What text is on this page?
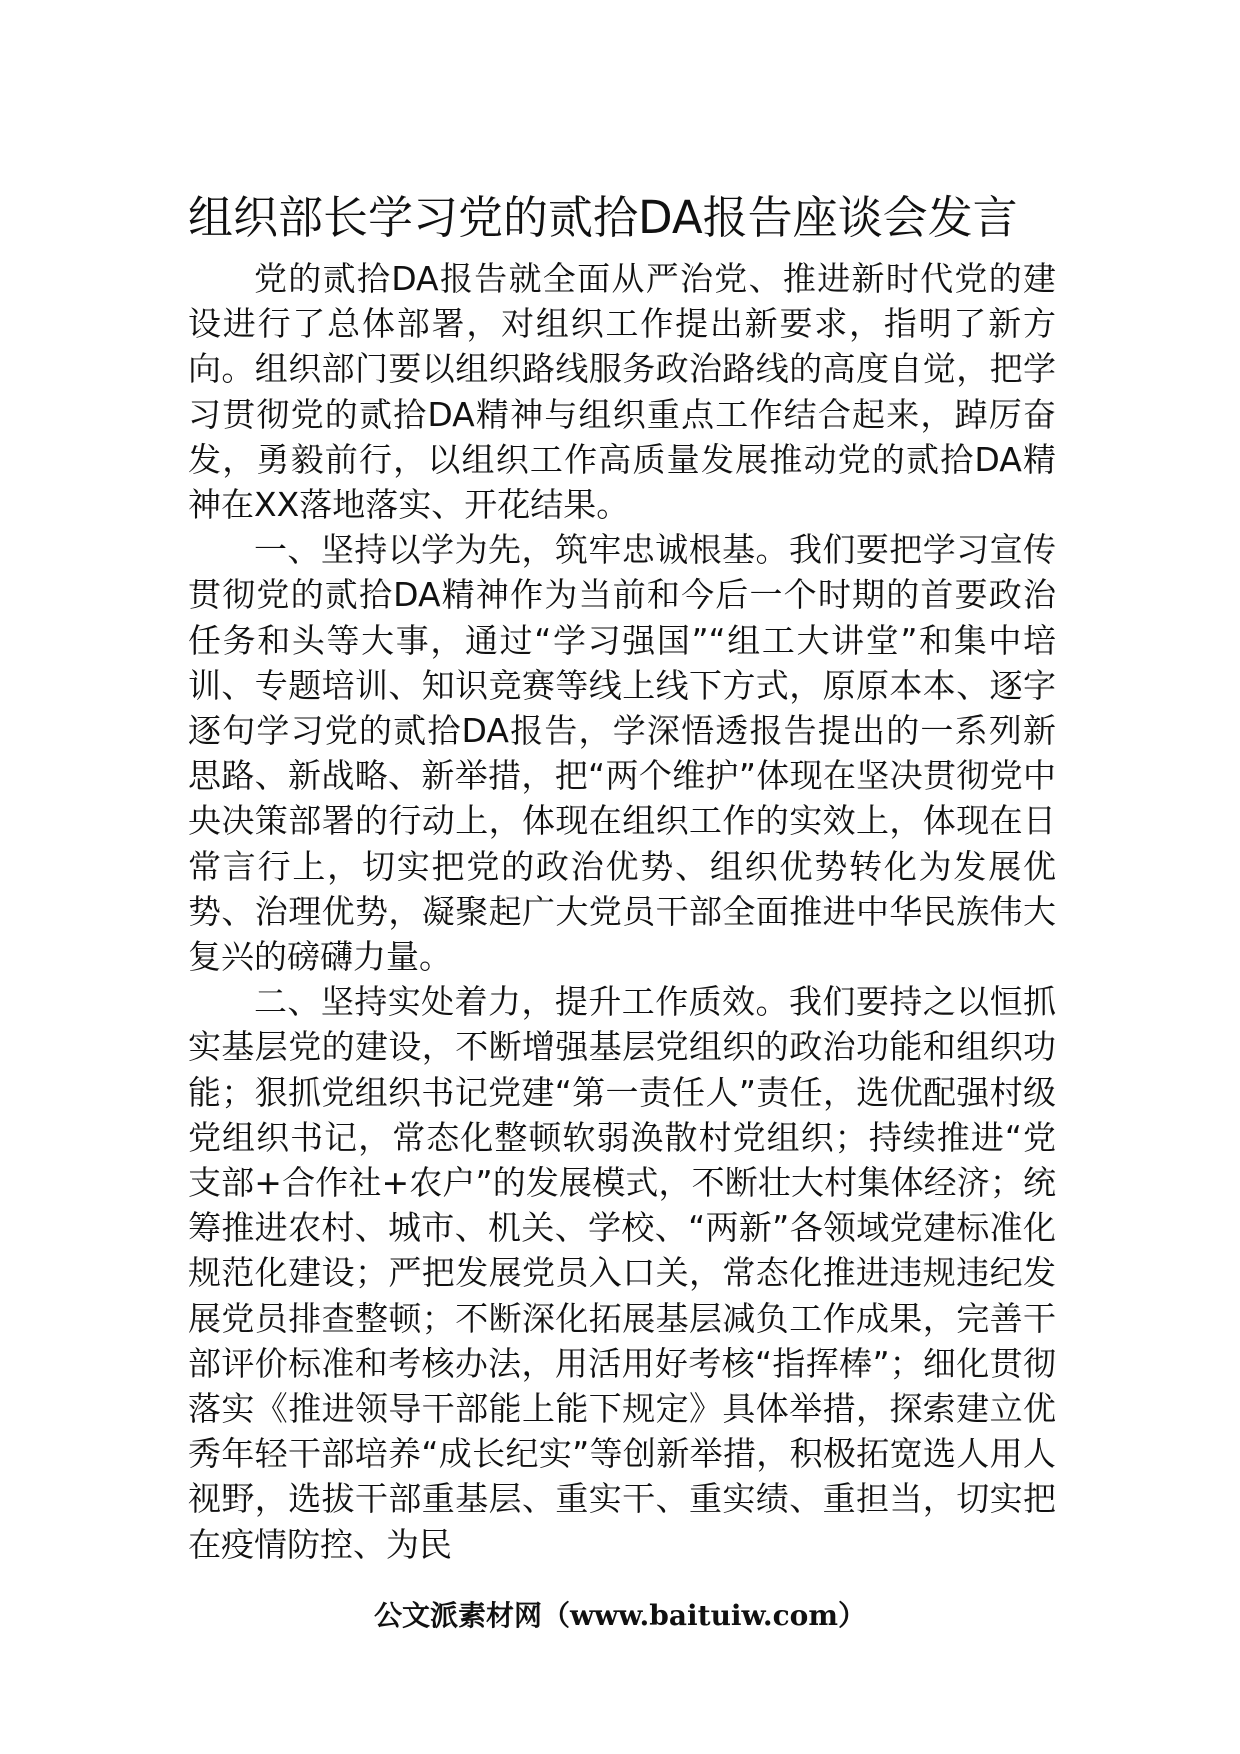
组织部长学习党的贰拾DA报告座谈会发言

党的贰拾DA报告就全面从严治党、推进新时代党的建设进行了总体部署，对组织工作提出新要求，指明了新方向。组织部门要以组织路线服务政治路线的高度自觉，把学习贯彻党的贰拾DA精神与组织重点工作结合起来，踔厉奋发，勇毅前行，以组织工作高质量发展推动党的贰拾DA精神在XX落地落实、开花结果。

一、坚持以学为先，筑牢忠诚根基。我们要把学习宣传贯彻党的贰拾DA精神作为当前和今后一个时期的首要政治任务和头等大事，通过“学习强国”“组工大讲堂”和集中培训、专题培训、知识竞赛等线上线下方式，原原本本、逐字逐句学习党的贰拾DA报告，学深悟透报告提出的一系列新思路、新战略、新举措，把“两个维护”体现在坚决贯彻党中央决策部署的行动上，体现在组织工作的实效上，体现在日常言行上，切实把党的政治优势、组织优势转化为发展优势、治理优势，凝聚起广大党员干部全面推进中华民族伟大复兴的磅礴力量。

二、坚持实处着力，提升工作质效。我们要持之以恒抓实基层党的建设，不断增强基层党组织的政治功能和组织功能；狠抓党组织书记党建“第一责任人”责任，选优配强村级党组织书记，常态化整顿软弱涣散村党组织；持续推进“党支部+合作社+农户”的发展模式，不断壮大村集体经济；统筹推进农村、城市、机关、学校、“两新”各领域党建标准化规范化建设；严把发展党员入口关，常态化推进违规违纪发展党员排查整顿；不断深化拓展基层减负工作成果，完善干部评价标准和考核办法，用活用好考核“指挥棒”；细化贯彻落实《推进领导干部能上能下规定》具体举措，探索建立优秀年轻干部培养“成长纪实”等创新举措，积极拓宽选人用人视野，选拔干部重基层、重实干、重实绩、重担当，切实把在疫情防控、为民

公文派素材网（www.baituiw.com）
